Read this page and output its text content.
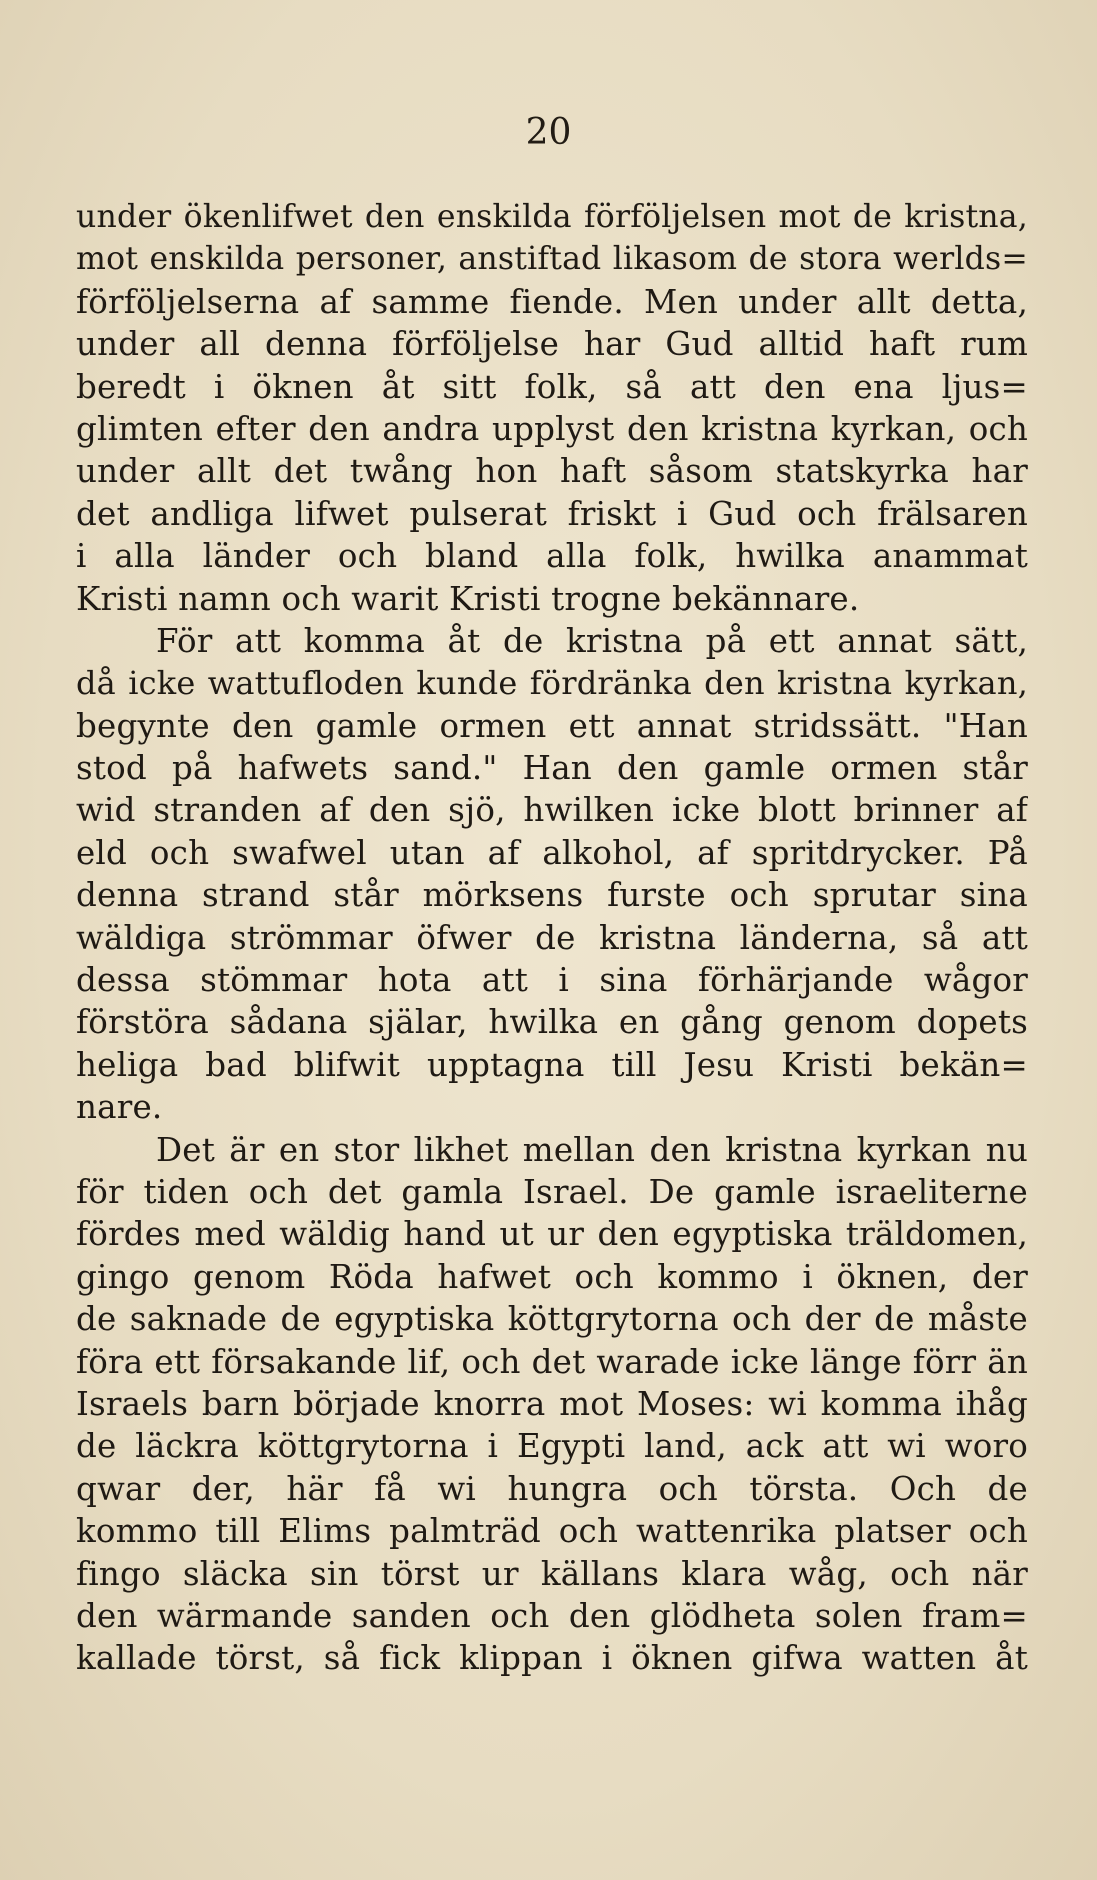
20
under ökenlifwet den enskilda förföljelsen mot de kristna,
mot enskilda personer, anstiftad likasom de stora werlds=
förföljelserna af samme fiende. Men under allt detta,
under all denna förföljelse har Gud alltid haft rum
beredt i öknen åt sitt folk, så att den ena ljus=
glimten efter den andra upplyst den kristna kyrkan, och
under allt det twång hon haft såsom statskyrka har
det andliga lifwet pulserat friskt i Gud och frälsaren
i alla länder och bland alla folk, hwilka anammat
Kristi namn och warit Kristi trogne bekännare.
För att komma åt de kristna på ett annat sätt,
då icke wattufloden kunde fördränka den kristna kyrkan,
begynte den gamle ormen ett annat stridssätt. "Han
stod på hafwets sand." Han den gamle ormen står
wid stranden af den sjö, hwilken icke blott brinner af
eld och swafwel utan af alkohol, af spritdrycker. På
denna strand står mörksens furste och sprutar sina
wäldiga strömmar öfwer de kristna länderna, så att
dessa stömmar hota att i sina förhärjande wågor
förstöra sådana själar, hwilka en gång genom dopets
heliga bad blifwit upptagna till Jesu Kristi bekän=
nare.
Det är en stor likhet mellan den kristna kyrkan nu
för tiden och det gamla Israel. De gamle israeliterne
fördes med wäldig hand ut ur den egyptiska träldomen,
gingo genom Röda hafwet och kommo i öknen, der
de saknade de egyptiska köttgrytorna och der de måste
föra ett försakande lif, och det warade icke länge förr än
Israels barn började knorra mot Moses: wi komma ihåg
de läckra köttgrytorna i Egypti land, ack att wi woro
qwar der, här få wi hungra och törsta. Och de
kommo till Elims palmträd och wattenrika platser och
fingo släcka sin törst ur källans klara wåg, och när
den wärmande sanden och den glödheta solen fram=
kallade törst, så fick klippan i öknen gifwa watten åt
